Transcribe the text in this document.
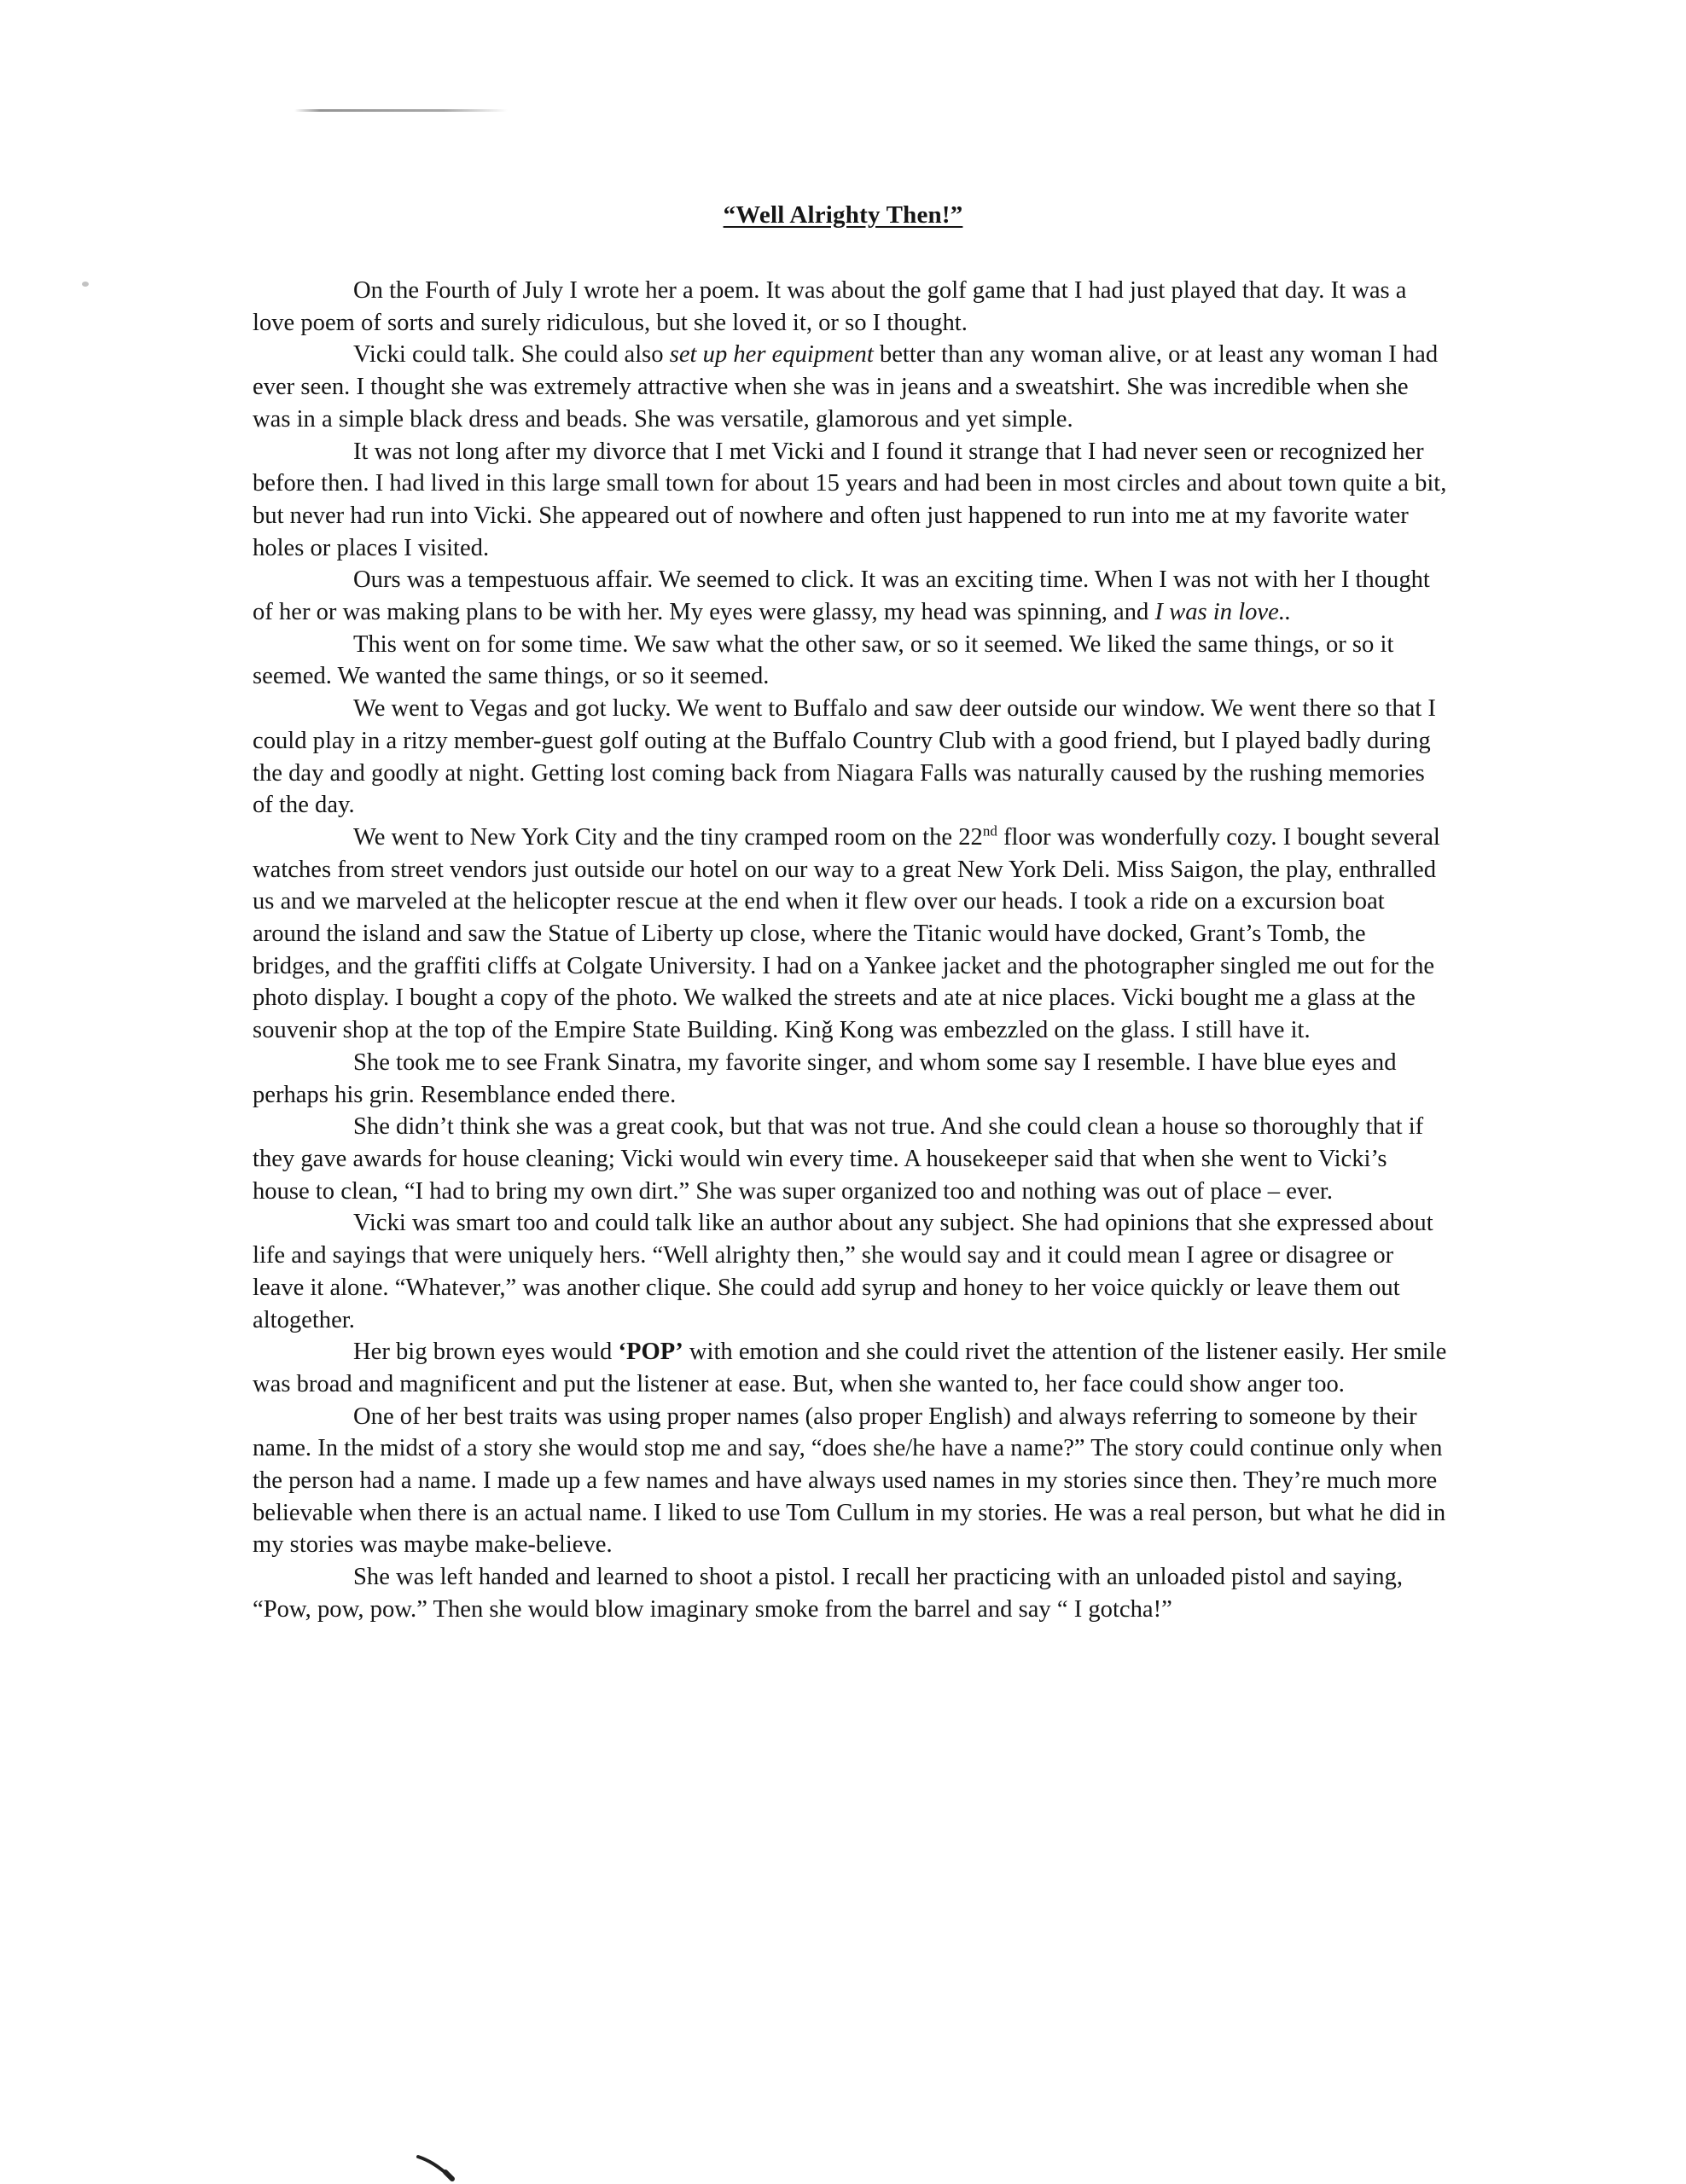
“Well Alrighty Then!”

On the Fourth of July I wrote her a poem. It was about the golf game that I had just played that day. It was a love poem of sorts and surely ridiculous, but she loved it, or so I thought.

Vicki could talk. She could also set up her equipment better than any woman alive, or at least any woman I had ever seen. I thought she was extremely attractive when she was in jeans and a sweatshirt. She was incredible when she was in a simple black dress and beads. She was versatile, glamorous and yet simple.

It was not long after my divorce that I met Vicki and I found it strange that I had never seen or recognized her before then. I had lived in this large small town for about 15 years and had been in most circles and about town quite a bit, but never had run into Vicki. She appeared out of nowhere and often just happened to run into me at my favorite water holes or places I visited.

Ours was a tempestuous affair. We seemed to click. It was an exciting time. When I was not with her I thought of her or was making plans to be with her. My eyes were glassy, my head was spinning, and I was in love..

This went on for some time. We saw what the other saw, or so it seemed. We liked the same things, or so it seemed. We wanted the same things, or so it seemed.

We went to Vegas and got lucky. We went to Buffalo and saw deer outside our window. We went there so that I could play in a ritzy member-guest golf outing at the Buffalo Country Club with a good friend, but I played badly during the day and goodly at night. Getting lost coming back from Niagara Falls was naturally caused by the rushing memories of the day.

We went to New York City and the tiny cramped room on the 22nd floor was wonderfully cozy. I bought several watches from street vendors just outside our hotel on our way to a great New York Deli. Miss Saigon, the play, enthralled us and we marveled at the helicopter rescue at the end when it flew over our heads. I took a ride on a excursion boat around the island and saw the Statue of Liberty up close, where the Titanic would have docked, Grant’s Tomb, the bridges, and the graffiti cliffs at Colgate University. I had on a Yankee jacket and the photographer singled me out for the photo display. I bought a copy of the photo. We walked the streets and ate at nice places. Vicki bought me a glass at the souvenir shop at the top of the Empire State Building. Kinǧ Kong was embezzled on the glass. I still have it.

She took me to see Frank Sinatra, my favorite singer, and whom some say I resemble. I have blue eyes and perhaps his grin. Resemblance ended there.

She didn’t think she was a great cook, but that was not true. And she could clean a house so thoroughly that if they gave awards for house cleaning; Vicki would win every time. A housekeeper said that when she went to Vicki’s house to clean, “I had to bring my own dirt.” She was super organized too and nothing was out of place – ever.

Vicki was smart too and could talk like an author about any subject. She had opinions that she expressed about life and sayings that were uniquely hers. “Well alrighty then,” she would say and it could mean I agree or disagree or leave it alone. “Whatever,” was another clique. She could add syrup and honey to her voice quickly or leave them out altogether.

Her big brown eyes would ‘POP’ with emotion and she could rivet the attention of the listener easily. Her smile was broad and magnificent and put the listener at ease. But, when she wanted to, her face could show anger too.

One of her best traits was using proper names (also proper English) and always referring to someone by their name. In the midst of a story she would stop me and say, “does she/he have a name?” The story could continue only when the person had a name. I made up a few names and have always used names in my stories since then. They’re much more believable when there is an actual name. I liked to use Tom Cullum in my stories. He was a real person, but what he did in my stories was maybe make-believe.

She was left handed and learned to shoot a pistol. I recall her practicing with an unloaded pistol and saying, “Pow, pow, pow.” Then she would blow imaginary smoke from the barrel and say “ I gotcha!”
